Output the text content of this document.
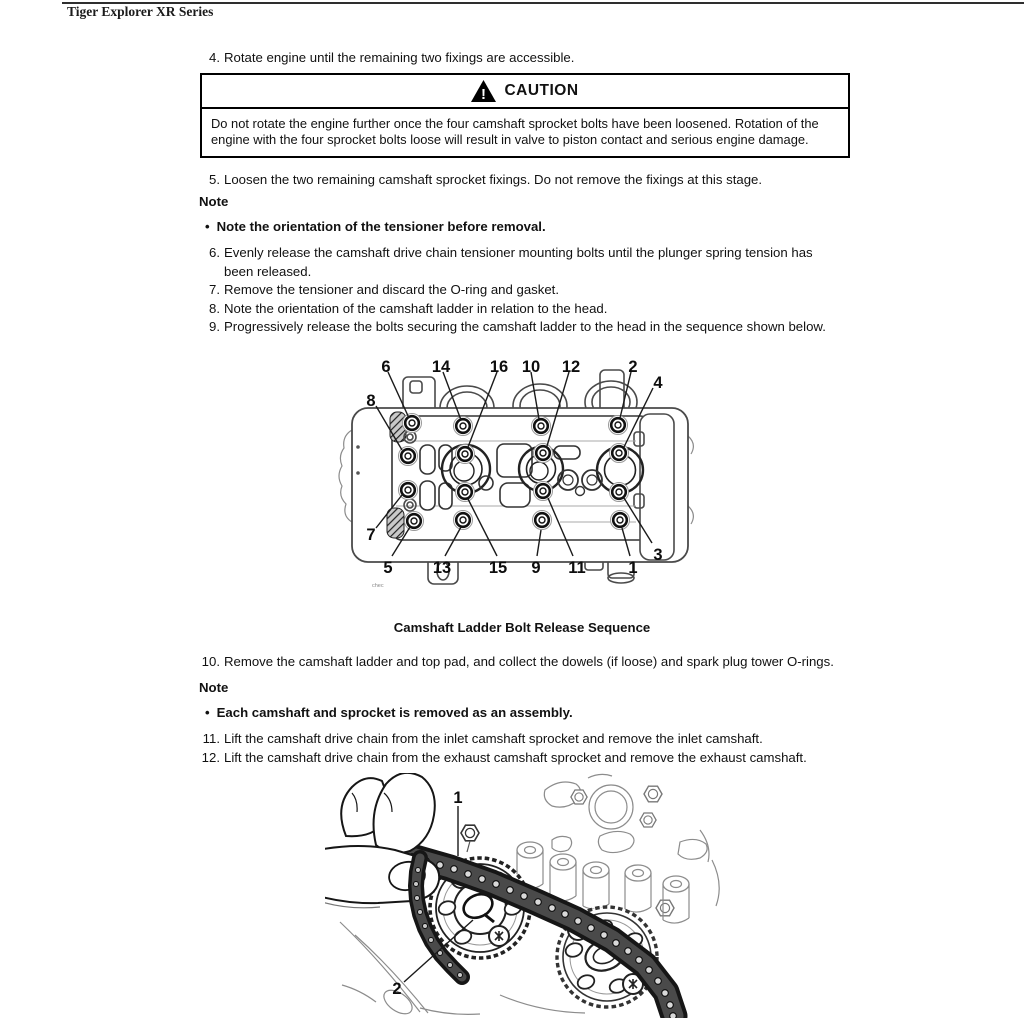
Tiger Explorer XR Series
4. Rotate engine until the remaining two fixings are accessible.
! CAUTION
Do not rotate the engine further once the four camshaft sprocket bolts have been loosened. Rotation of the engine with the four sprocket bolts loose will result in valve to piston contact and serious engine damage.
5. Loosen the two remaining camshaft sprocket fixings. Do not remove the fixings at this stage.
Note
• Note the orientation of the tensioner before removal.
6. Evenly release the camshaft drive chain tensioner mounting bolts until the plunger spring tension has been released.
7. Remove the tensioner and discard the O-ring and gasket.
8. Note the orientation of the camshaft ladder in relation to the head.
9. Progressively release the bolts securing the camshaft ladder to the head in the sequence shown below.
6 14 16 10 12	2
4
8
7
5 13 15 9 11	1
3
chec
Camshaft Ladder Bolt Release Sequence
10. Remove the camshaft ladder and top pad, and collect the dowels (if loose) and spark plug tower O-rings.
Note
• Each camshaft and sprocket is removed as an assembly.
11. Lift the camshaft drive chain from the inlet camshaft sprocket and remove the inlet camshaft.
12. Lift the camshaft drive chain from the exhaust camshaft sprocket and remove the exhaust camshaft.
1
2
